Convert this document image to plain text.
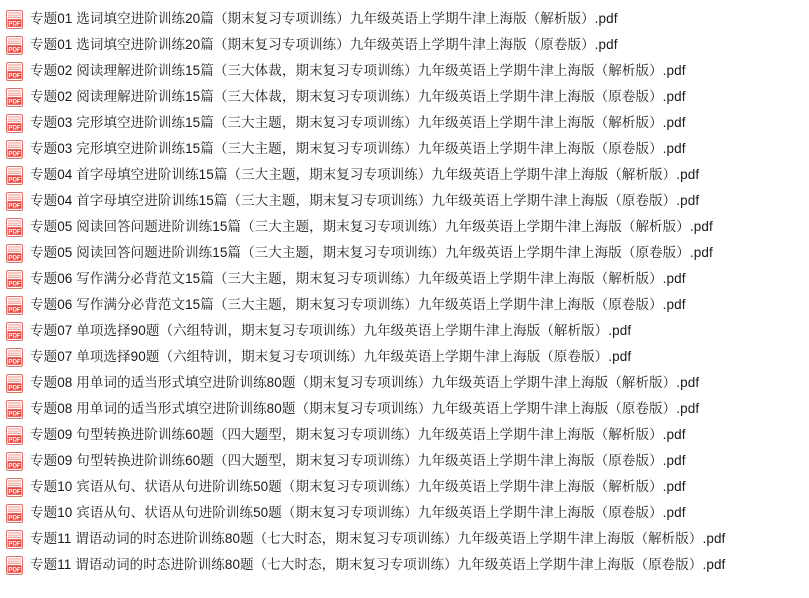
PDF 专题01 选词填空进阶训练20篇（期末复习专项训练）九年级英语上学期牛津上海版（解析版）.pdf
PDF 专题01 选词填空进阶训练20篇（期末复习专项训练）九年级英语上学期牛津上海版（原卷版）.pdf
PDF 专题02 阅读理解进阶训练15篇（三大体裁，期末复习专项训练）九年级英语上学期牛津上海版（解析版）.pdf
PDF 专题02 阅读理解进阶训练15篇（三大体裁，期末复习专项训练）九年级英语上学期牛津上海版（原卷版）.pdf
PDF 专题03 完形填空进阶训练15篇（三大主题，期末复习专项训练）九年级英语上学期牛津上海版（解析版）.pdf
PDF 专题03 完形填空进阶训练15篇（三大主题，期末复习专项训练）九年级英语上学期牛津上海版（原卷版）.pdf
PDF 专题04 首字母填空进阶训练15篇（三大主题，期末复习专项训练）九年级英语上学期牛津上海版（解析版）.pdf
PDF 专题04 首字母填空进阶训练15篇（三大主题，期末复习专项训练）九年级英语上学期牛津上海版（原卷版）.pdf
PDF 专题05 阅读回答问题进阶训练15篇（三大主题，期末复习专项训练）九年级英语上学期牛津上海版（解析版）.pdf
PDF 专题05 阅读回答问题进阶训练15篇（三大主题，期末复习专项训练）九年级英语上学期牛津上海版（原卷版）.pdf
PDF 专题06 写作满分必背范文15篇（三大主题，期末复习专项训练）九年级英语上学期牛津上海版（解析版）.pdf
PDF 专题06 写作满分必背范文15篇（三大主题，期末复习专项训练）九年级英语上学期牛津上海版（原卷版）.pdf
PDF 专题07 单项选择90题（六组特训，期末复习专项训练）九年级英语上学期牛津上海版（解析版）.pdf
PDF 专题07 单项选择90题（六组特训，期末复习专项训练）九年级英语上学期牛津上海版（原卷版）.pdf
PDF 专题08 用单词的适当形式填空进阶训练80题（期末复习专项训练）九年级英语上学期牛津上海版（解析版）.pdf
PDF 专题08 用单词的适当形式填空进阶训练80题（期末复习专项训练）九年级英语上学期牛津上海版（原卷版）.pdf
PDF 专题09 句型转换进阶训练60题（四大题型，期末复习专项训练）九年级英语上学期牛津上海版（解析版）.pdf
PDF 专题09 句型转换进阶训练60题（四大题型，期末复习专项训练）九年级英语上学期牛津上海版（原卷版）.pdf
PDF 专题10 宾语从句、状语从句进阶训练50题（期末复习专项训练）九年级英语上学期牛津上海版（解析版）.pdf
PDF 专题10 宾语从句、状语从句进阶训练50题（期末复习专项训练）九年级英语上学期牛津上海版（原卷版）.pdf
PDF 专题11 谓语动词的时态进阶训练80题（七大时态，期末复习专项训练）九年级英语上学期牛津上海版（解析版）.pdf
PDF 专题11 谓语动词的时态进阶训练80题（七大时态，期末复习专项训练）九年级英语上学期牛津上海版（原卷版）.pdf
